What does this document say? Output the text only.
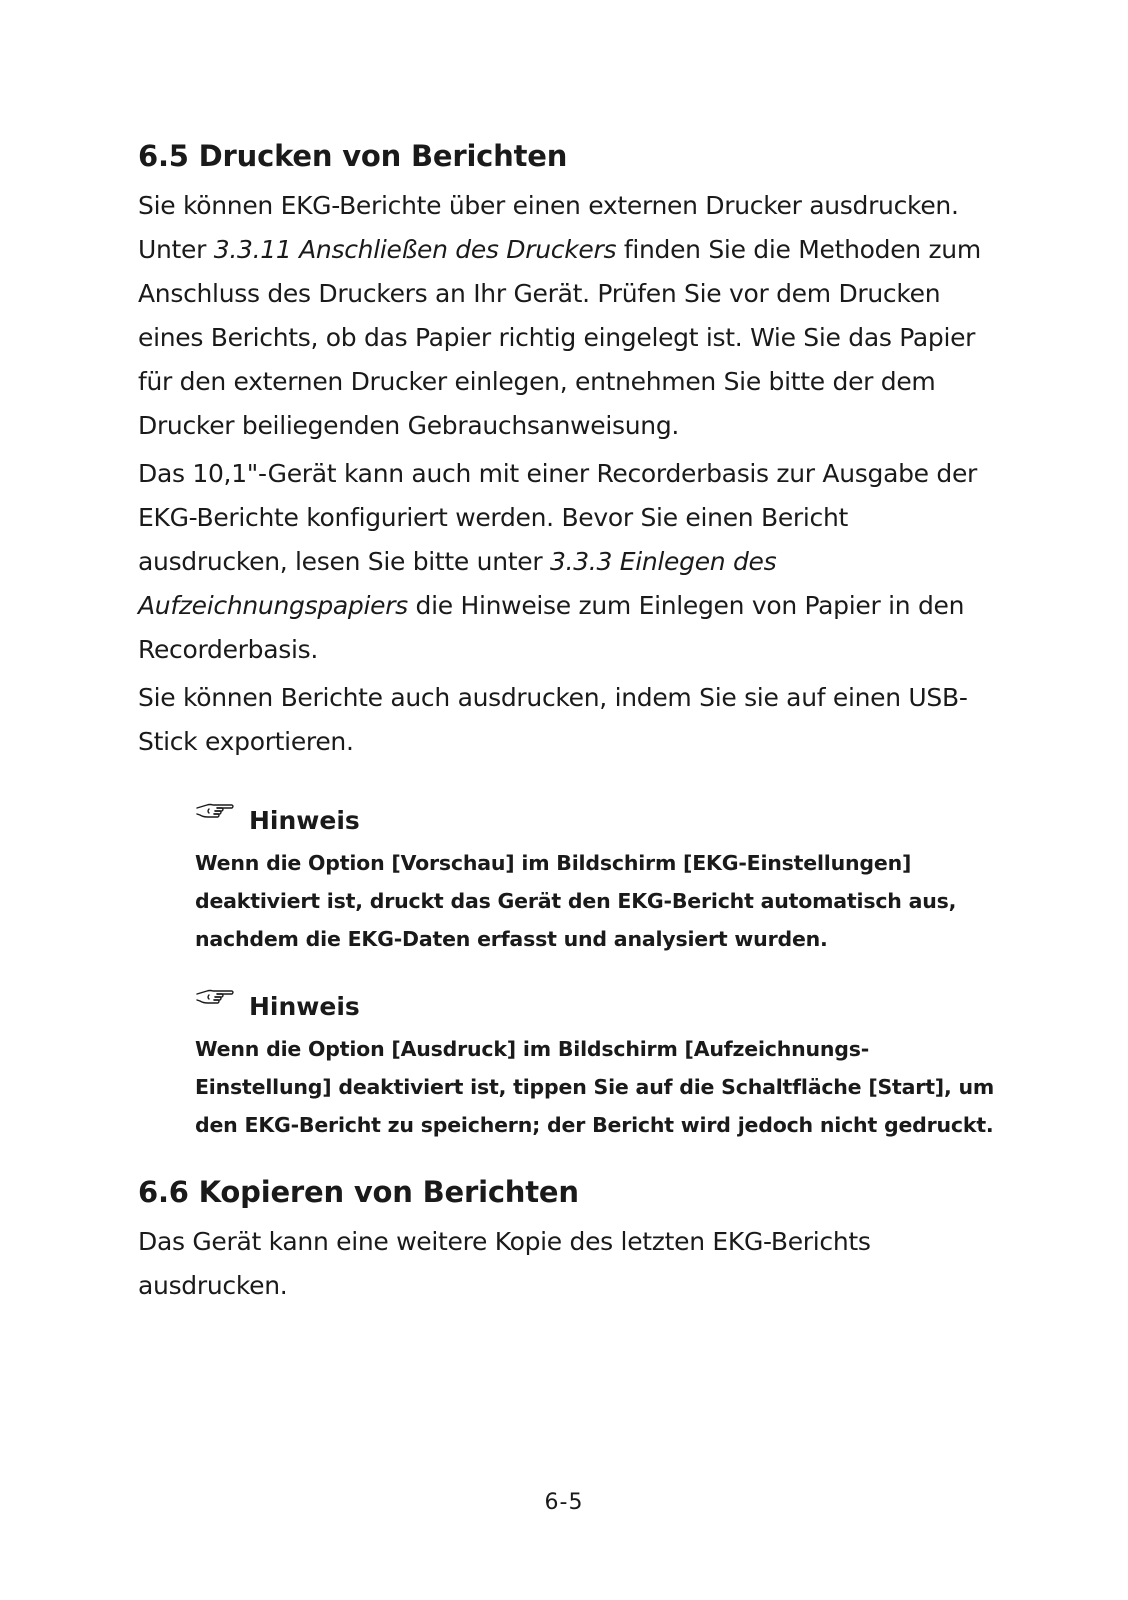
6.5 Drucken von Berichten

Sie können EKG-Berichte über einen externen Drucker ausdrucken. Unter 3.3.11 Anschließen des Druckers finden Sie die Methoden zum Anschluss des Druckers an Ihr Gerät. Prüfen Sie vor dem Drucken eines Berichts, ob das Papier richtig eingelegt ist. Wie Sie das Papier für den externen Drucker einlegen, entnehmen Sie bitte der dem Drucker beiliegenden Gebrauchsanweisung.

Das 10,1"-Gerät kann auch mit einer Recorderbasis zur Ausgabe der EKG-Berichte konfiguriert werden. Bevor Sie einen Bericht ausdrucken, lesen Sie bitte unter 3.3.3 Einlegen des Aufzeichnungspapiers die Hinweise zum Einlegen von Papier in den Recorderbasis.

Sie können Berichte auch ausdrucken, indem Sie sie auf einen USB-Stick exportieren.

Hinweis

Wenn die Option [Vorschau] im Bildschirm [EKG-Einstellungen] deaktiviert ist, druckt das Gerät den EKG-Bericht automatisch aus, nachdem die EKG-Daten erfasst und analysiert wurden.

Hinweis

Wenn die Option [Ausdruck] im Bildschirm [Aufzeichnungs-Einstellung] deaktiviert ist, tippen Sie auf die Schaltfläche [Start], um den EKG-Bericht zu speichern; der Bericht wird jedoch nicht gedruckt.

6.6 Kopieren von Berichten

Das Gerät kann eine weitere Kopie des letzten EKG-Berichts ausdrucken.

6-5
